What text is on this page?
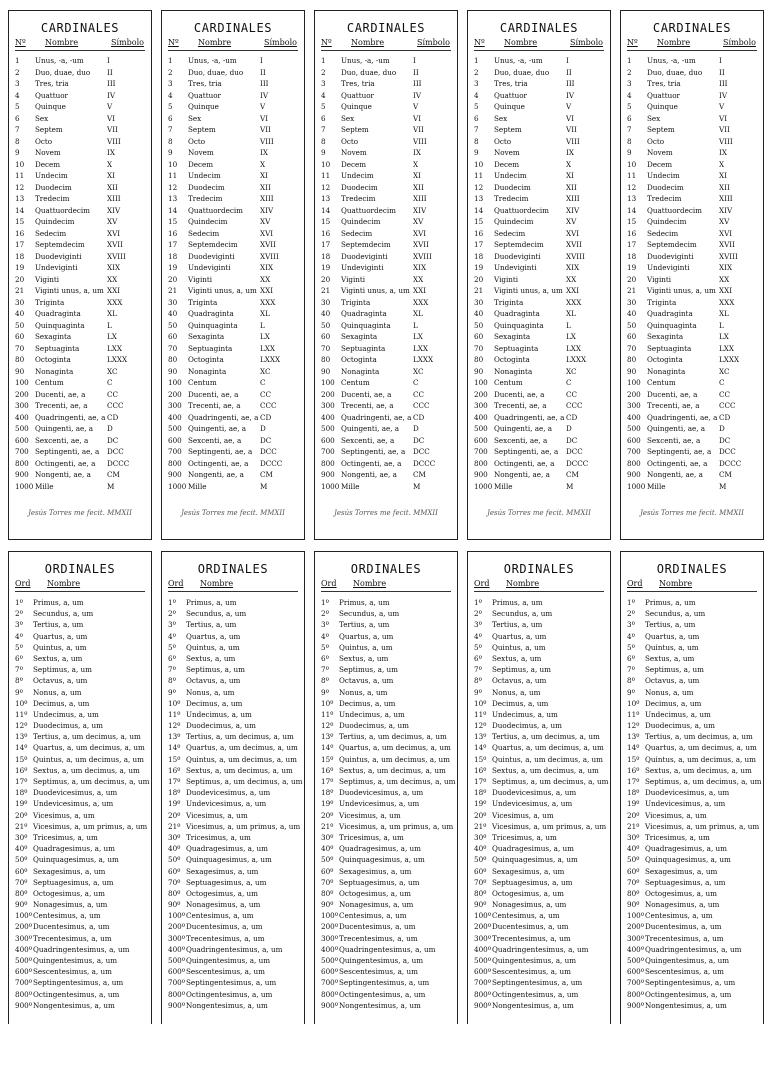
CARDINALES
Nº Nombre	Símbolo
1 Unus, -a, -um	I
2 Duo, duae, duo II
3 Tres, tria	III
4 Quattuor	IV
5 Quinque	V
6 Sex	VI
7 Septem	VII
8 Octo	VIII
9 Novem	IX
10 Decem	X
11 Undecim	XI
12 Duodecim	XII
13 Tredecim	XIII
14 Quattuordecim XIV
15 Quindecim	XV
16 Sedecim	XVI
17 Septemdecim	XVII
18 Duodeviginti	XVIII
19 Undeviginti	XIX
20 Viginti	XX
21 Viginti unus, a, um XXI
30 Triginta	XXX
40 Quadraginta	XL
50 Quinquaginta	L
60 Sexaginta	LX
70 Septuaginta	LXX
80 Octoginta	LXXX
90 Nonaginta	XC
100 Centum	C
200 Ducenti, ae, a	CC
300 Trecenti, ae, a	CCC
400 Quadringenti, ae, a CD
500 Quingenti, ae, a D
600 Sexcenti, ae, a	DC
700 Septingenti, ae, a DCC
800 Octingenti, ae, a DCCC
900 Nongenti, ae, a CM
1000 Mille	M
Jesús Torres me fecit. MMXII
CARDINALES
Nº Nombre	Símbolo
1 Unus, -a, -um	I
2 Duo, duae, duo II
3 Tres, tria	III
4 Quattuor	IV
5 Quinque	V
6 Sex	VI
7 Septem	VII
8 Octo	VIII
9 Novem	IX
10 Decem	X
11 Undecim	XI
12 Duodecim	XII
13 Tredecim	XIII
14 Quattuordecim XIV
15 Quindecim	XV
16 Sedecim	XVI
17 Septemdecim	XVII
18 Duodeviginti	XVIII
19 Undeviginti	XIX
20 Viginti	XX
21 Viginti unus, a, um XXI
30 Triginta	XXX
40 Quadraginta	XL
50 Quinquaginta	L
60 Sexaginta	LX
70 Septuaginta	LXX
80 Octoginta	LXXX
90 Nonaginta	XC
100 Centum	C
200 Ducenti, ae, a	CC
300 Trecenti, ae, a	CCC
400 Quadringenti, ae, a CD
500 Quingenti, ae, a D
600 Sexcenti, ae, a	DC
700 Septingenti, ae, a DCC
800 Octingenti, ae, a DCCC
900 Nongenti, ae, a CM
1000 Mille	M
Jesús Torres me fecit. MMXII
CARDINALES
Nº Nombre	Símbolo
1 Unus, -a, -um	I
2 Duo, duae, duo II
3 Tres, tria	III
4 Quattuor	IV
5 Quinque	V
6 Sex	VI
7 Septem	VII
8 Octo	VIII
9 Novem	IX
10 Decem	X
11 Undecim	XI
12 Duodecim	XII
13 Tredecim	XIII
14 Quattuordecim XIV
15 Quindecim	XV
16 Sedecim	XVI
17 Septemdecim	XVII
18 Duodeviginti	XVIII
19 Undeviginti	XIX
20 Viginti	XX
21 Viginti unus, a, um XXI
30 Triginta	XXX
40 Quadraginta	XL
50 Quinquaginta	L
60 Sexaginta	LX
70 Septuaginta	LXX
80 Octoginta	LXXX
90 Nonaginta	XC
100 Centum	C
200 Ducenti, ae, a	CC
300 Trecenti, ae, a	CCC
400 Quadringenti, ae, a CD
500 Quingenti, ae, a D
600 Sexcenti, ae, a	DC
700 Septingenti, ae, a DCC
800 Octingenti, ae, a DCCC
900 Nongenti, ae, a CM
1000 Mille	M
Jesús Torres me fecit. MMXII
CARDINALES
Nº Nombre	Símbolo
1 Unus, -a, -um	I
2 Duo, duae, duo II
3 Tres, tria	III
4 Quattuor	IV
5 Quinque	V
6 Sex	VI
7 Septem	VII
8 Octo	VIII
9 Novem	IX
10 Decem	X
11 Undecim	XI
12 Duodecim	XII
13 Tredecim	XIII
14 Quattuordecim XIV
15 Quindecim	XV
16 Sedecim	XVI
17 Septemdecim	XVII
18 Duodeviginti	XVIII
19 Undeviginti	XIX
20 Viginti	XX
21 Viginti unus, a, um XXI
30 Triginta	XXX
40 Quadraginta	XL
50 Quinquaginta	L
60 Sexaginta	LX
70 Septuaginta	LXX
80 Octoginta	LXXX
90 Nonaginta	XC
100 Centum	C
200 Ducenti, ae, a	CC
300 Trecenti, ae, a	CCC
400 Quadringenti, ae, a CD
500 Quingenti, ae, a D
600 Sexcenti, ae, a	DC
700 Septingenti, ae, a DCC
800 Octingenti, ae, a DCCC
900 Nongenti, ae, a CM
1000 Mille	M
Jesús Torres me fecit. MMXII
CARDINALES
Nº Nombre	Símbolo
1 Unus, -a, -um	I
2 Duo, duae, duo II
3 Tres, tria	III
4 Quattuor	IV
5 Quinque	V
6 Sex	VI
7 Septem	VII
8 Octo	VIII
9 Novem	IX
10 Decem	X
11 Undecim	XI
12 Duodecim	XII
13 Tredecim	XIII
14 Quattuordecim XIV
15 Quindecim	XV
16 Sedecim	XVI
17 Septemdecim	XVII
18 Duodeviginti	XVIII
19 Undeviginti	XIX
20 Viginti	XX
21 Viginti unus, a, um XXI
30 Triginta	XXX
40 Quadraginta	XL
50 Quinquaginta	L
60 Sexaginta	LX
70 Septuaginta	LXX
80 Octoginta	LXXX
90 Nonaginta	XC
100 Centum	C
200 Ducenti, ae, a	CC
300 Trecenti, ae, a	CCC
400 Quadringenti, ae, a CD
500 Quingenti, ae, a D
600 Sexcenti, ae, a	DC
700 Septingenti, ae, a DCC
800 Octingenti, ae, a DCCC
900 Nongenti, ae, a CM
1000 Mille	M
Jesús Torres me fecit. MMXII
ORDINALES
Ord Nombre
1º Primus, a, um
2º Secundus, a, um
3º Tertius, a, um
4º Quartus, a, um
5º Quintus, a, um
6º Sextus, a, um
7º Septimus, a, um
8º Octavus, a, um
9º Nonus, a, um
10º Decimus, a, um
11º Undecimus, a, um
12º Duodecimus, a, um
13º Tertius, a, um decimus, a, um
14º Quartus, a, um decimus, a, um
15º Quintus, a, um decimus, a, um
16º Sextus, a, um decimus, a, um
17º Septimus, a, um decimus, a, um
18º Duodevicesimus, a, um
19º Undevicesimus, a, um
20º Vicesimus, a, um
21º Vicesimus, a, um primus, a, um
30º Tricesimus, a, um
40º Quadragesimus, a, um
50º Quinquagesimus, a, um
60º Sexagesimus, a, um
70º Septuagesimus, a, um
80º Octogesimus, a, um
90º Nonagesimus, a, um
100º Centesimus, a, um
200º Ducentesimus, a, um
300º Trecentesimus, a, um
400º Quadringentesimus, a, um
500º Quingentesimus, a, um
600º Sescentesimus, a, um
700º Septingentesimus, a, um
800º Octingentesimus, a, um
900º Nongentesimus, a, um
ORDINALES
Ord Nombre
1º Primus, a, um
2º Secundus, a, um
3º Tertius, a, um
4º Quartus, a, um
5º Quintus, a, um
6º Sextus, a, um
7º Septimus, a, um
8º Octavus, a, um
9º Nonus, a, um
10º Decimus, a, um
11º Undecimus, a, um
12º Duodecimus, a, um
13º Tertius, a, um decimus, a, um
14º Quartus, a, um decimus, a, um
15º Quintus, a, um decimus, a, um
16º Sextus, a, um decimus, a, um
17º Septimus, a, um decimus, a, um
18º Duodevicesimus, a, um
19º Undevicesimus, a, um
20º Vicesimus, a, um
21º Vicesimus, a, um primus, a, um
30º Tricesimus, a, um
40º Quadragesimus, a, um
50º Quinquagesimus, a, um
60º Sexagesimus, a, um
70º Septuagesimus, a, um
80º Octogesimus, a, um
90º Nonagesimus, a, um
100º Centesimus, a, um
200º Ducentesimus, a, um
300º Trecentesimus, a, um
400º Quadringentesimus, a, um
500º Quingentesimus, a, um
600º Sescentesimus, a, um
700º Septingentesimus, a, um
800º Octingentesimus, a, um
900º Nongentesimus, a, um
ORDINALES
Ord Nombre
1º Primus, a, um
2º Secundus, a, um
3º Tertius, a, um
4º Quartus, a, um
5º Quintus, a, um
6º Sextus, a, um
7º Septimus, a, um
8º Octavus, a, um
9º Nonus, a, um
10º Decimus, a, um
11º Undecimus, a, um
12º Duodecimus, a, um
13º Tertius, a, um decimus, a, um
14º Quartus, a, um decimus, a, um
15º Quintus, a, um decimus, a, um
16º Sextus, a, um decimus, a, um
17º Septimus, a, um decimus, a, um
18º Duodevicesimus, a, um
19º Undevicesimus, a, um
20º Vicesimus, a, um
21º Vicesimus, a, um primus, a, um
30º Tricesimus, a, um
40º Quadragesimus, a, um
50º Quinquagesimus, a, um
60º Sexagesimus, a, um
70º Septuagesimus, a, um
80º Octogesimus, a, um
90º Nonagesimus, a, um
100º Centesimus, a, um
200º Ducentesimus, a, um
300º Trecentesimus, a, um
400º Quadringentesimus, a, um
500º Quingentesimus, a, um
600º Sescentesimus, a, um
700º Septingentesimus, a, um
800º Octingentesimus, a, um
900º Nongentesimus, a, um
ORDINALES
Ord Nombre
1º Primus, a, um
2º Secundus, a, um
3º Tertius, a, um
4º Quartus, a, um
5º Quintus, a, um
6º Sextus, a, um
7º Septimus, a, um
8º Octavus, a, um
9º Nonus, a, um
10º Decimus, a, um
11º Undecimus, a, um
12º Duodecimus, a, um
13º Tertius, a, um decimus, a, um
14º Quartus, a, um decimus, a, um
15º Quintus, a, um decimus, a, um
16º Sextus, a, um decimus, a, um
17º Septimus, a, um decimus, a, um
18º Duodevicesimus, a, um
19º Undevicesimus, a, um
20º Vicesimus, a, um
21º Vicesimus, a, um primus, a, um
30º Tricesimus, a, um
40º Quadragesimus, a, um
50º Quinquagesimus, a, um
60º Sexagesimus, a, um
70º Septuagesimus, a, um
80º Octogesimus, a, um
90º Nonagesimus, a, um
100º Centesimus, a, um
200º Ducentesimus, a, um
300º Trecentesimus, a, um
400º Quadringentesimus, a, um
500º Quingentesimus, a, um
600º Sescentesimus, a, um
700º Septingentesimus, a, um
800º Octingentesimus, a, um
900º Nongentesimus, a, um
ORDINALES
Ord Nombre
1º Primus, a, um
2º Secundus, a, um
3º Tertius, a, um
4º Quartus, a, um
5º Quintus, a, um
6º Sextus, a, um
7º Septimus, a, um
8º Octavus, a, um
9º Nonus, a, um
10º Decimus, a, um
11º Undecimus, a, um
12º Duodecimus, a, um
13º Tertius, a, um decimus, a, um
14º Quartus, a, um decimus, a, um
15º Quintus, a, um decimus, a, um
16º Sextus, a, um decimus, a, um
17º Septimus, a, um decimus, a, um
18º Duodevicesimus, a, um
19º Undevicesimus, a, um
20º Vicesimus, a, um
21º Vicesimus, a, um primus, a, um
30º Tricesimus, a, um
40º Quadragesimus, a, um
50º Quinquagesimus, a, um
60º Sexagesimus, a, um
70º Septuagesimus, a, um
80º Octogesimus, a, um
90º Nonagesimus, a, um
100º Centesimus, a, um
200º Ducentesimus, a, um
300º Trecentesimus, a, um
400º Quadringentesimus, a, um
500º Quingentesimus, a, um
600º Sescentesimus, a, um
700º Septingentesimus, a, um
800º Octingentesimus, a, um
900º Nongentesimus, a, um
